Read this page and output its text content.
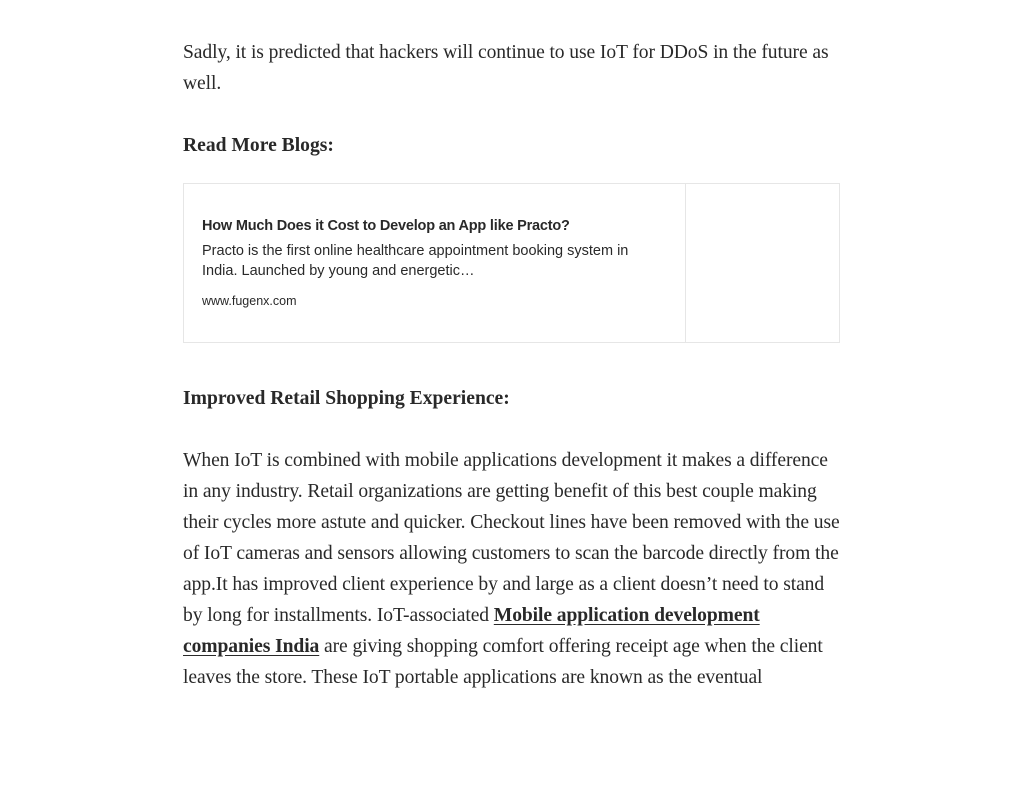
Sadly, it is predicted that hackers will continue to use IoT for DDoS in the future as well.

Read More Blogs:

How Much Does it Cost to Develop an App like Practo?

Practo is the first online healthcare appointment booking system in India. Launched by young and energetic…

www.fugenx.com

Improved Retail Shopping Experience:

When IoT is combined with mobile applications development it makes a difference in any industry. Retail organizations are getting benefit of this best couple making their cycles more astute and quicker. Checkout lines have been removed with the use of IoT cameras and sensors allowing customers to scan the barcode directly from the app.It has improved client experience by and large as a client doesn’t need to stand by long for installments. IoT-associated Mobile application development companies India are giving shopping comfort offering receipt age when the client leaves the store. These IoT portable applications are known as the eventual
